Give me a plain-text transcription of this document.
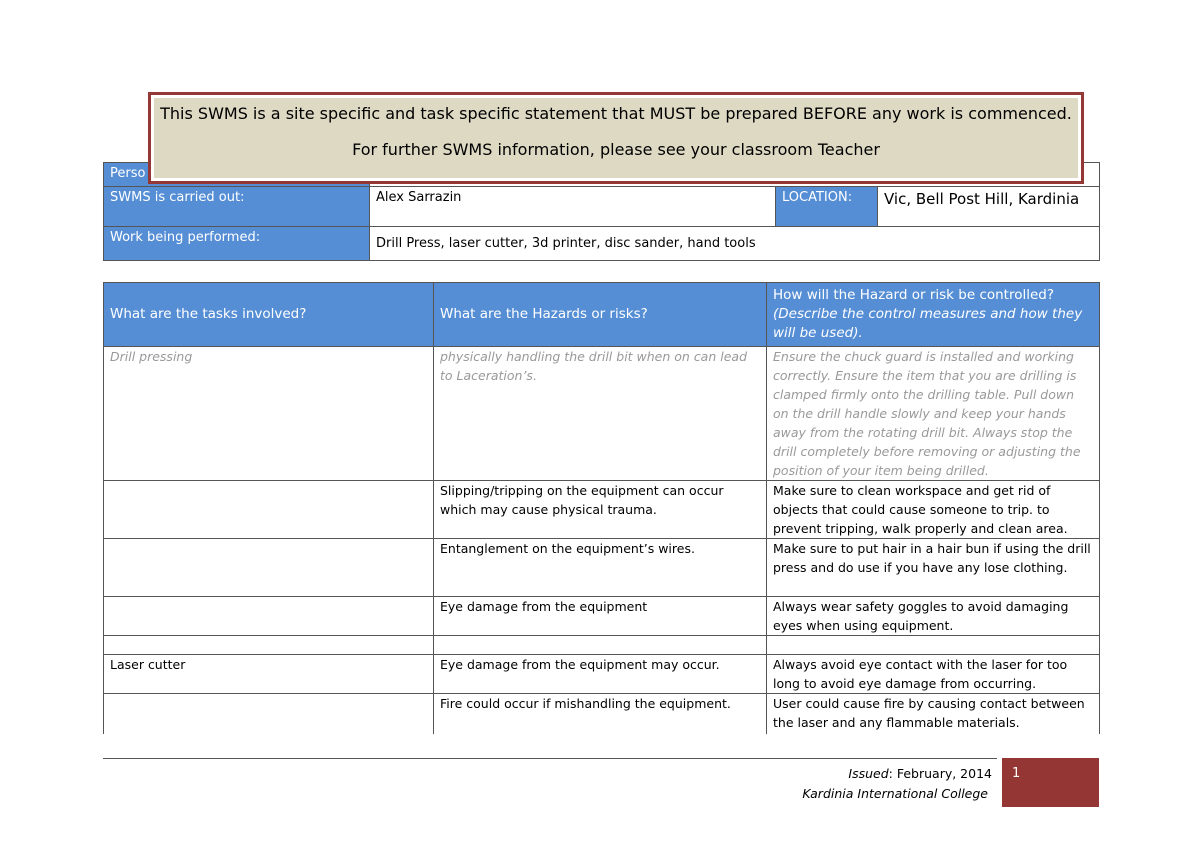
Perso			
SWMS is carried out:	Alex Sarrazin	LOCATION:	Vic, Bell Post Hill, Kardinia
Work being performed:	Drill Press, laser cutter, 3d printer, disc sander, hand tools		

This SWMS is a site specific and task specific statement that MUST be prepared BEFORE any work is commenced.

For further SWMS information, please see your classroom Teacher

What are the tasks involved?	What are the Hazards or risks?	How will the Hazard or risk be controlled?
(Describe the control measures and how they will be used).
Drill pressing	physically handling the drill bit when on can lead to Laceration’s.	Ensure the chuck guard is installed and working correctly. Ensure the item that you are drilling is clamped firmly onto the drilling table. Pull down on the drill handle slowly and keep your hands away from the rotating drill bit. Always stop the drill completely before removing or adjusting the position of your item being drilled.
	Slipping/tripping on the equipment can occur which may cause physical trauma.	Make sure to clean workspace and get rid of objects that could cause someone to trip. to prevent tripping, walk properly and clean area.
	Entanglement on the equipment’s wires.	Make sure to put hair in a hair bun if using the drill press and do use if you have any lose clothing.
	Eye damage from the equipment	Always wear safety goggles to avoid damaging eyes when using equipment.

Laser cutter	Eye damage from the equipment may occur.	Always avoid eye contact with the laser for too long to avoid eye damage from occurring.
	Fire could occur if mishandling the equipment.	User could cause fire by causing contact between the laser and any flammable materials.
Issued: February, 2014
Kardinia International College
1
